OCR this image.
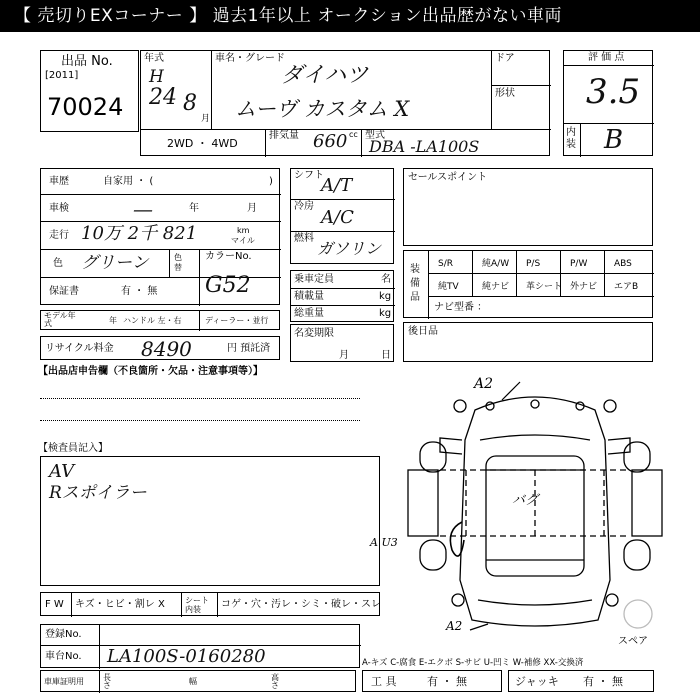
【 売切りEXコーナー 】 過去1年以上 オークション出品歴がない車両
出品 No.
[2011]
70024
年式
H
24 8
月
車名・グレード
ダイハツ
ムーヴ カスタム X
ドア
形状
2WD ・ 4WD
排気量 660 cc 型式
DBA -LA100S
評 価 点
3.5
内装 B
車歴	自家用 ・ (	)
車検	—	年	月
走行 10万 2千 821	km
マイル
色 グリーン	色替
カラーNo.
G52
保証書	有 ・ 無
モデル年式	年 ハンドル 左・右	ディーラー・並行
リサイクル料金 8490	円 預託済
シフト
A/T
冷房
A/C
燃料
ガソリン
乗車定員	名
積載量	kg
総重量	kg
名変期限
月	日
セールスポイント
装備品
ナビ型番 ：
S/R	純A/W P/S	P/W	ABS
純TV	純ナビ 革シート 外ナビ エアB
後日品
【出品店申告欄（不良箇所・欠品・注意事項等）】
【検査員記入】
AV
Rスポイラー
A2
A U3
A2
バグ
スペア
F W キズ・ヒビ・割レ X	シート内装	コゲ・穴・汚レ・シミ・破レ・スレ
登録No.
車台No. LA100S-0160280	A-キズ C-腐食 E-エクボ S-サビ U-凹ミ W-補修 XX-交換済
車庫証明用 長さ	幅	高さ	工 具	有 ・ 無	ジャッキ 有 ・ 無
